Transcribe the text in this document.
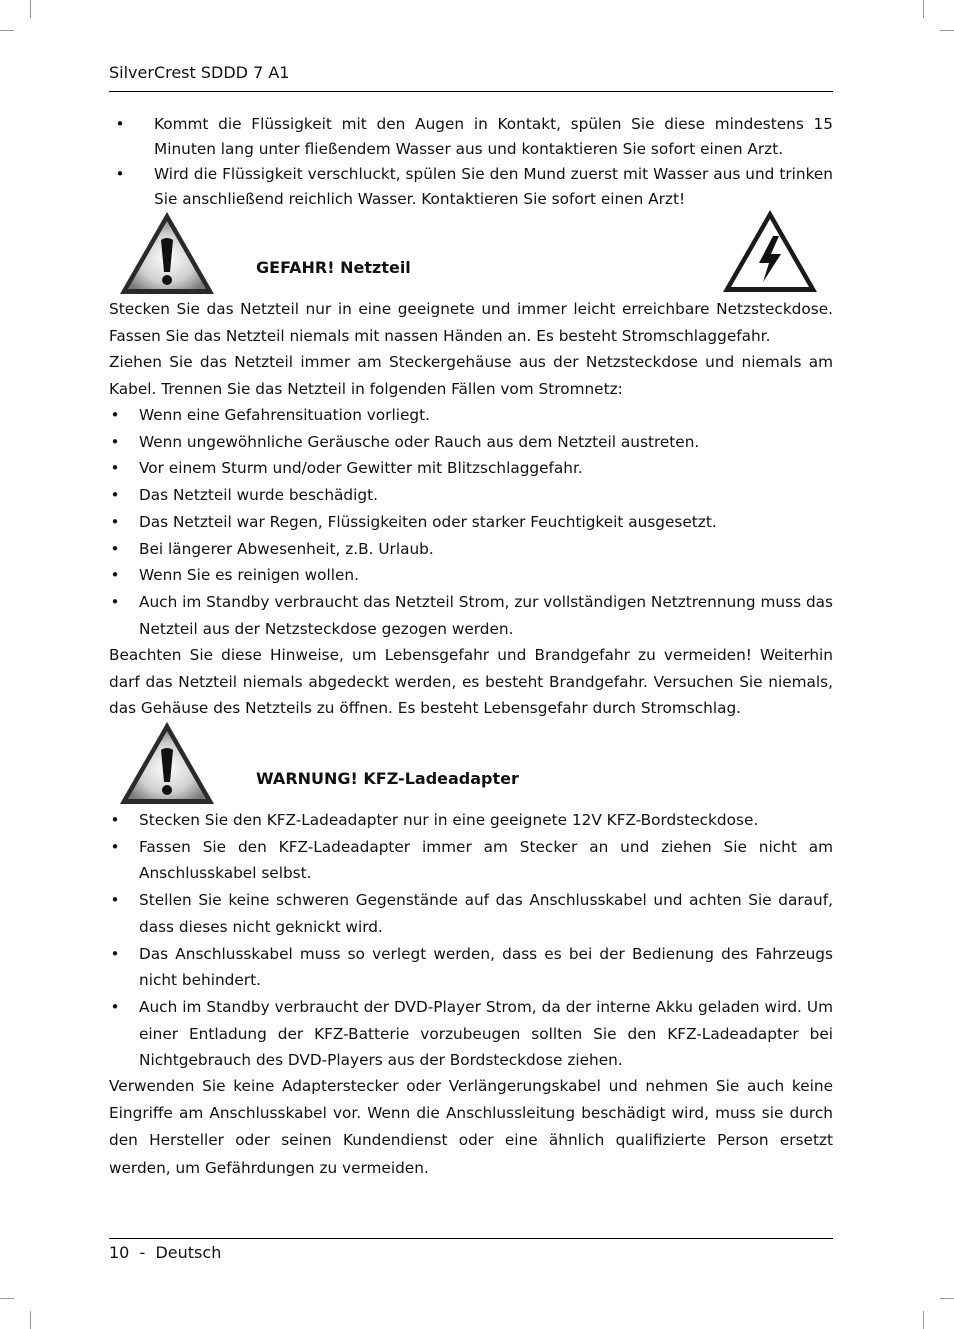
SilverCrest SDDD 7 A1
• Kommt die Flüssigkeit mit den Augen in Kontakt, spülen Sie diese mindestens 15 Minuten lang unter fließendem Wasser aus und kontaktieren Sie sofort einen Arzt.
• Wird die Flüssigkeit verschluckt, spülen Sie den Mund zuerst mit Wasser aus und trinken Sie anschließend reichlich Wasser. Kontaktieren Sie sofort einen Arzt!
GEFAHR! Netzteil

Stecken Sie das Netzteil nur in eine geeignete und immer leicht erreichbare Netzsteckdose. Fassen Sie das Netzteil niemals mit nassen Händen an. Es besteht Stromschlaggefahr.

Ziehen Sie das Netzteil immer am Steckergehäuse aus der Netzsteckdose und niemals am Kabel. Trennen Sie das Netzteil in folgenden Fällen vom Stromnetz:

• Wenn eine Gefahrensituation vorliegt.
• Wenn ungewöhnliche Geräusche oder Rauch aus dem Netzteil austreten.
• Vor einem Sturm und/oder Gewitter mit Blitzschlaggefahr.
• Das Netzteil wurde beschädigt.
• Das Netzteil war Regen, Flüssigkeiten oder starker Feuchtigkeit ausgesetzt.
• Bei längerer Abwesenheit, z.B. Urlaub.
• Wenn Sie es reinigen wollen.
• Auch im Standby verbraucht das Netzteil Strom, zur vollständigen Netztrennung muss das Netzteil aus der Netzsteckdose gezogen werden.

Beachten Sie diese Hinweise, um Lebensgefahr und Brandgefahr zu vermeiden! Weiterhin darf das Netzteil niemals abgedeckt werden, es besteht Brandgefahr. Versuchen Sie niemals, das Gehäuse des Netzteils zu öffnen. Es besteht Lebensgefahr durch Stromschlag.

WARNUNG! KFZ-Ladeadapter
• Stecken Sie den KFZ-Ladeadapter nur in eine geeignete 12V KFZ-Bordsteckdose.
• Fassen Sie den KFZ-Ladeadapter immer am Stecker an und ziehen Sie nicht am Anschlusskabel selbst.
• Stellen Sie keine schweren Gegenstände auf das Anschlusskabel und achten Sie darauf, dass dieses nicht geknickt wird.
• Das Anschlusskabel muss so verlegt werden, dass es bei der Bedienung des Fahrzeugs nicht behindert.
• Auch im Standby verbraucht der DVD-Player Strom, da der interne Akku geladen wird. Um einer Entladung der KFZ-Batterie vorzubeugen sollten Sie den KFZ-Ladeadapter bei Nichtgebrauch des DVD-Players aus der Bordsteckdose ziehen.

Verwenden Sie keine Adapterstecker oder Verlängerungskabel und nehmen Sie auch keine Eingriffe am Anschlusskabel vor. Wenn die Anschlussleitung beschädigt wird, muss sie durch den Hersteller oder seinen Kundendienst oder eine ähnlich qualifizierte Person ersetzt werden, um Gefährdungen zu vermeiden.

10  -  Deutsch
